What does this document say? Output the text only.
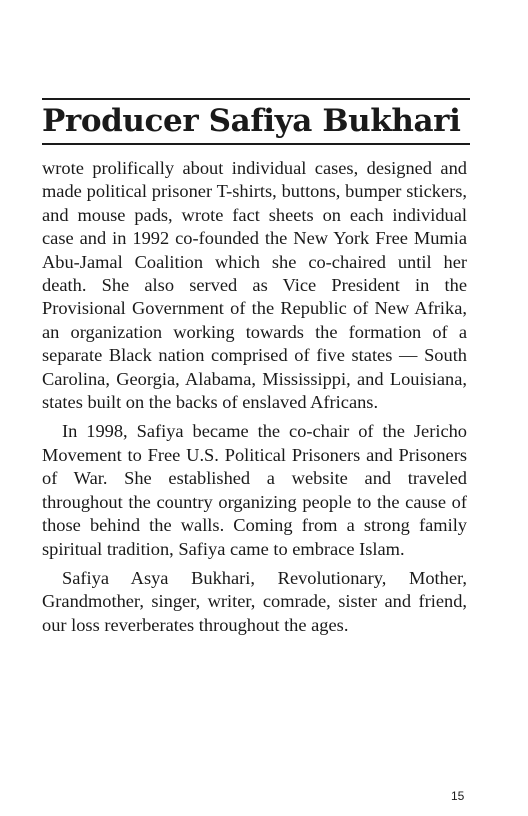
Producer Safiya Bukhari

wrote prolifically about individual cases, designed and made political prisoner T-shirts, buttons, bumper stickers, and mouse pads, wrote fact sheets on each individual case and in 1992 co-founded the New York Free Mumia Abu-Jamal Coalition which she co-chaired until her death. She also served as Vice President in the Provisional Government of the Republic of New Afrika, an organization working towards the formation of a separate Black nation comprised of five states — South Carolina, Georgia, Alabama, Mississippi, and Louisiana, states built on the backs of enslaved Africans.

In 1998, Safiya became the co-chair of the Jericho Movement to Free U.S. Political Prisoners and Prisoners of War. She established a website and traveled throughout the country organizing people to the cause of those behind the walls. Coming from a strong family spiritual tradition, Safiya came to embrace Islam.

Safiya Asya Bukhari, Revolutionary, Mother, Grandmother, singer, writer, comrade, sister and friend, our loss reverberates throughout the ages.

15
